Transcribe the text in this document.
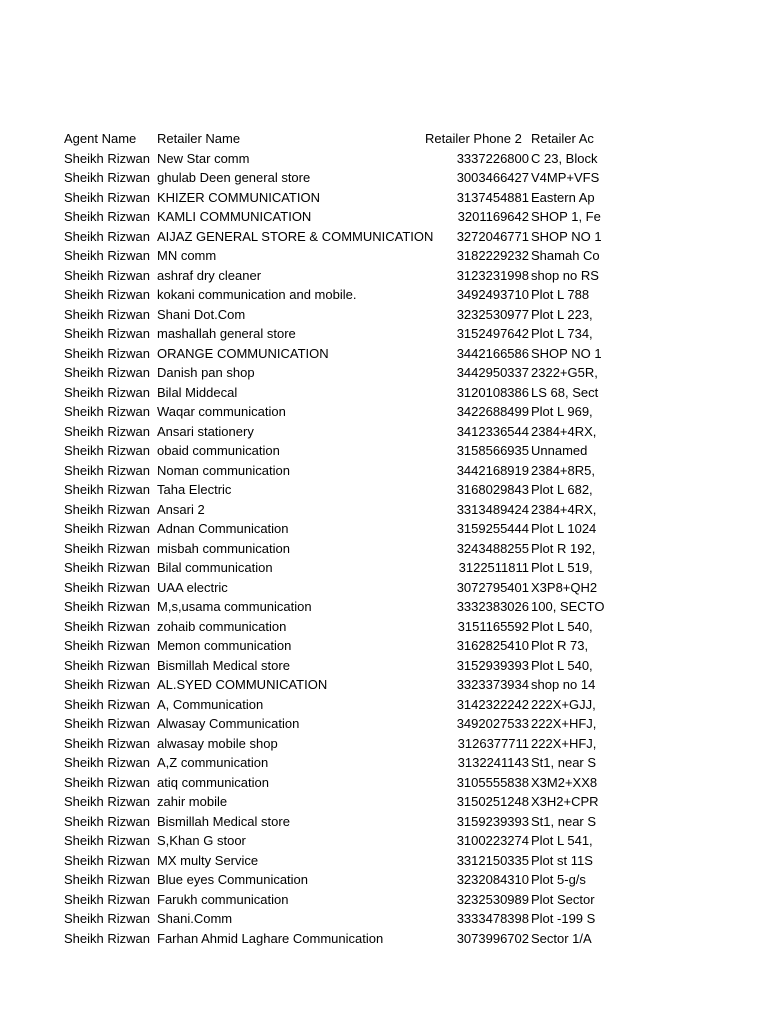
Agent Name	Retailer Name	Retailer Phone 2 Retailer Ac
Sheikh Rizwan New Star comm	3337226800 C 23, Block
Sheikh Rizwan ghulab Deen general store	3003466427 V4MP+VFS
Sheikh Rizwan KHIZER COMMUNICATION	3137454881 Eastern Ap
Sheikh Rizwan KAMLI COMMUNICATION	3201169642 SHOP 1, Fe
Sheikh Rizwan AIJAZ GENERAL STORE & COMMUNICATION	3272046771 SHOP NO 1
Sheikh Rizwan MN comm	3182229232 Shamah Co
Sheikh Rizwan ashraf dry cleaner	3123231998 shop no RS
Sheikh Rizwan kokani communication and mobile.	3492493710 Plot L 788
Sheikh Rizwan Shani Dot.Com	3232530977 Plot L 223,
Sheikh Rizwan mashallah general store	3152497642 Plot L 734,
Sheikh Rizwan ORANGE COMMUNICATION	3442166586 SHOP NO 1
Sheikh Rizwan Danish pan shop	3442950337 2322+G5R,
Sheikh Rizwan Bilal Middecal	3120108386 LS 68, Sect
Sheikh Rizwan Waqar communication	3422688499 Plot L 969,
Sheikh Rizwan Ansari stationery	3412336544 2384+4RX,
Sheikh Rizwan obaid communication	3158566935 Unnamed
Sheikh Rizwan Noman communication	3442168919 2384+8R5,
Sheikh Rizwan Taha Electric	3168029843 Plot L 682,
Sheikh Rizwan Ansari 2	3313489424 2384+4RX,
Sheikh Rizwan Adnan Communication	3159255444 Plot L 1024
Sheikh Rizwan misbah communication	3243488255 Plot R 192,
Sheikh Rizwan Bilal communication	3122511811 Plot L 519,
Sheikh Rizwan UAA electric	3072795401 X3P8+QH2
Sheikh Rizwan M,s,usama communication	3332383026 100, SECTO
Sheikh Rizwan zohaib communication	3151165592 Plot L 540,
Sheikh Rizwan Memon communication	3162825410 Plot R 73,
Sheikh Rizwan Bismillah Medical store	3152939393 Plot L 540,
Sheikh Rizwan AL.SYED COMMUNICATION	3323373934 shop no 14
Sheikh Rizwan A, Communication	3142322242 222X+GJJ,
Sheikh Rizwan Alwasay Communication	3492027533 222X+HFJ,
Sheikh Rizwan alwasay mobile shop	3126377711 222X+HFJ,
Sheikh Rizwan A,Z communication	3132241143 St1, near S
Sheikh Rizwan atiq communication	3105555838 X3M2+XX8
Sheikh Rizwan zahir mobile	3150251248 X3H2+CPR
Sheikh Rizwan Bismillah Medical store	3159239393 St1, near S
Sheikh Rizwan S,Khan G stoor	3100223274 Plot L 541,
Sheikh Rizwan MX multy Service	3312150335 Plot st 11S
Sheikh Rizwan Blue eyes Communication	3232084310 Plot 5-g/s
Sheikh Rizwan Farukh communication	3232530989 Plot Sector
Sheikh Rizwan Shani.Comm	3333478398 Plot -199 S
Sheikh Rizwan Farhan Ahmid Laghare Communication	3073996702 Sector 1/A
